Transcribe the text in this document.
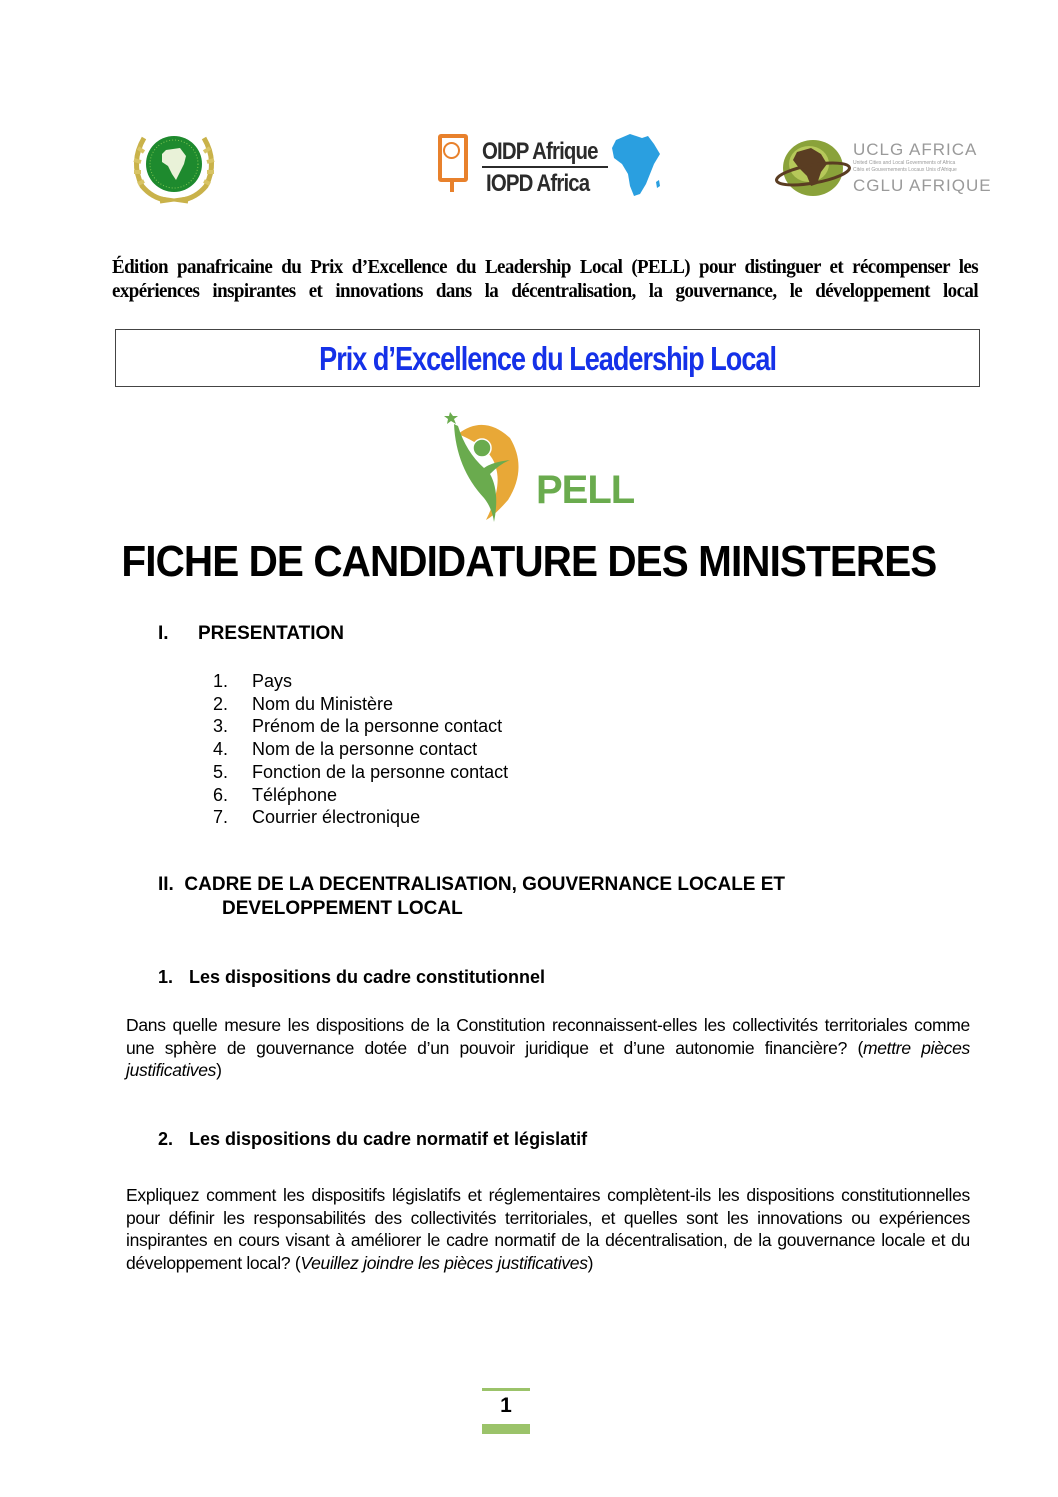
OIDP Afrique
IOPD Africa
UCLG AFRICA
United Cities and Local Governments of Africa
Cités et Gouvernements Locaux Unis d'Afrique
CGLU AFRIQUE
Édition panafricaine du Prix d’Excellence du Leadership Local (PELL) pour distinguer et récompenser les
expériences inspirantes et innovations dans la décentralisation, la gouvernance, le développement local
Prix d’Excellence du Leadership Local
PELL
FICHE DE CANDIDATURE DES MINISTERES
I. PRESENTATION
1. Pays
2. Nom du Ministère
3. Prénom de la personne contact
4. Nom de la personne contact
5. Fonction de la personne contact
6. Téléphone
7. Courrier électronique
II. CADRE DE LA DECENTRALISATION, GOUVERNANCE LOCALE ET
DEVELOPPEMENT LOCAL
1. Les dispositions du cadre constitutionnel
Dans quelle mesure les dispositions de la Constitution reconnaissent-elles les collectivités territoriales comme une sphère de gouvernance dotée d’un pouvoir juridique et d’une autonomie financière? (mettre pièces justificatives)
2. Les dispositions du cadre normatif et législatif
Expliquez comment les dispositifs législatifs et réglementaires complètent-ils les dispositions constitutionnelles pour définir les responsabilités des collectivités territoriales, et quelles sont les innovations ou expériences inspirantes en cours visant à améliorer le cadre normatif de la décentralisation, de la gouvernance locale et du développement local? (Veuillez joindre les pièces justificatives)
1
